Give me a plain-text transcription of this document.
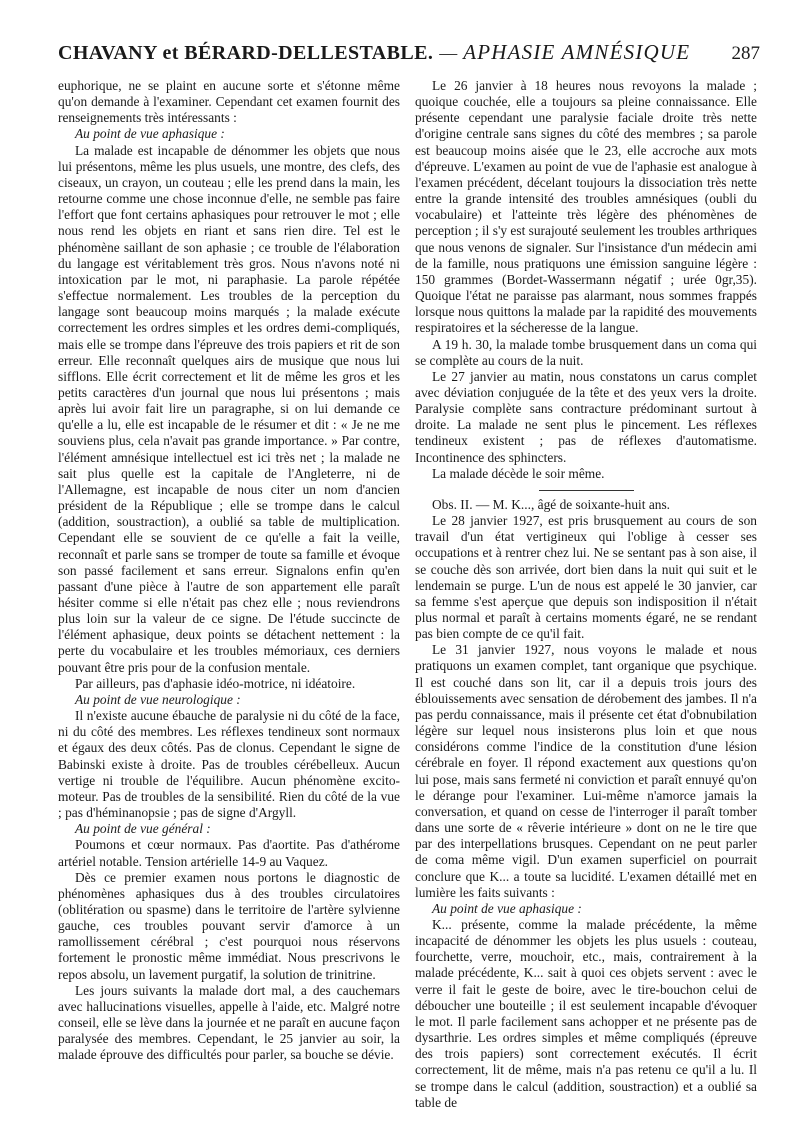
CHAVANY et BÉRARD-DELLESTABLE. — APHASIE AMNÉSIQUE 287

euphorique, ne se plaint en aucune sorte et s'étonne même qu'on demande à l'examiner. Cependant cet examen fournit des renseignements très intéressants :

Au point de vue aphasique :

La malade est incapable de dénommer les objets que nous lui présentons, même les plus usuels, une montre, des clefs, des ciseaux, un crayon, un couteau ; elle les prend dans la main, les retourne comme une chose inconnue d'elle, ne semble pas faire l'effort que font certains aphasiques pour retrouver le mot ; elle nous rend les objets en riant et sans rien dire. Tel est le phénomène saillant de son aphasie ; ce trouble de l'élaboration du langage est véritablement très gros. Nous n'avons noté ni intoxication par le mot, ni paraphasie. La parole répétée s'effectue normalement. Les troubles de la perception du langage sont beaucoup moins marqués ; la malade exécute correctement les ordres simples et les ordres demi-compliqués, mais elle se trompe dans l'épreuve des trois papiers et rit de son erreur. Elle reconnaît quelques airs de musique que nous lui sifflons. Elle écrit correctement et lit de même les gros et les petits caractères d'un journal que nous lui présentons ; mais après lui avoir fait lire un paragraphe, si on lui demande ce qu'elle a lu, elle est incapable de le résumer et dit : « Je ne me souviens plus, cela n'avait pas grande importance. » Par contre, l'élément amnésique intellectuel est ici très net ; la malade ne sait plus quelle est la capitale de l'Angleterre, ni de l'Allemagne, est incapable de nous citer un nom d'ancien président de la République ; elle se trompe dans le calcul (addition, soustraction), a oublié sa table de multiplication. Cependant elle se souvient de ce qu'elle a fait la veille, reconnaît et parle sans se tromper de toute sa famille et évoque son passé facilement et sans erreur. Signalons enfin qu'en passant d'une pièce à l'autre de son appartement elle paraît hésiter comme si elle n'était pas chez elle ; nous reviendrons plus loin sur la valeur de ce signe. De l'étude succincte de l'élément aphasique, deux points se détachent nettement : la perte du vocabulaire et les troubles mémoriaux, ces derniers pouvant être pris pour de la confusion mentale.

Par ailleurs, pas d'aphasie idéo-motrice, ni idéatoire.

Au point de vue neurologique :

Il n'existe aucune ébauche de paralysie ni du côté de la face, ni du côté des membres. Les réflexes tendineux sont normaux et égaux des deux côtés. Pas de clonus. Cependant le signe de Babinski existe à droite. Pas de troubles cérébelleux. Aucun vertige ni trouble de l'équilibre. Aucun phénomène excito-moteur. Pas de troubles de la sensibilité. Rien du côté de la vue ; pas d'héminanopsie ; pas de signe d'Argyll.

Au point de vue général :

Poumons et cœur normaux. Pas d'aortite. Pas d'athérome artériel notable. Tension artérielle 14-9 au Vaquez.

Dès ce premier examen nous portons le diagnostic de phénomènes aphasiques dus à des troubles circulatoires (oblitération ou spasme) dans le territoire de l'artère sylvienne gauche, ces troubles pouvant servir d'amorce à un ramollissement cérébral ; c'est pourquoi nous réservons fortement le pronostic même immédiat. Nous prescrivons le repos absolu, un lavement purgatif, la solution de trinitrine.

Les jours suivants la malade dort mal, a des cauchemars avec hallucinations visuelles, appelle à l'aide, etc. Malgré notre conseil, elle se lève dans la journée et ne paraît en aucune façon paralysée des membres. Cependant, le 25 janvier au soir, la malade éprouve des difficultés pour parler, sa bouche se dévie.

Le 26 janvier à 18 heures nous revoyons la malade ; quoique couchée, elle a toujours sa pleine connaissance. Elle présente cependant une paralysie faciale droite très nette d'origine centrale sans signes du côté des membres ; sa parole est beaucoup moins aisée que le 23, elle accroche aux mots d'épreuve. L'examen au point de vue de l'aphasie est analogue à l'examen précédent, décelant toujours la dissociation très nette entre la grande intensité des troubles amnésiques (oubli du vocabulaire) et l'atteinte très légère des phénomènes de perception ; il s'y est surajouté seulement les troubles arthriques que nous venons de signaler. Sur l'insistance d'un médecin ami de la famille, nous pratiquons une émission sanguine légère : 150 grammes (Bordet-Wassermann négatif ; urée 0gr,35). Quoique l'état ne paraisse pas alarmant, nous sommes frappés lorsque nous quittons la malade par la rapidité des mouvements respiratoires et la sécheresse de la langue.

A 19 h. 30, la malade tombe brusquement dans un coma qui se complète au cours de la nuit.

Le 27 janvier au matin, nous constatons un carus complet avec déviation conjuguée de la tête et des yeux vers la droite. Paralysie complète sans contracture prédominant surtout à droite. La malade ne sent plus le pincement. Les réflexes tendineux existent ; pas de réflexes d'automatisme. Incontinence des sphincters.

La malade décède le soir même.

Obs. II. — M. K..., âgé de soixante-huit ans.

Le 28 janvier 1927, est pris brusquement au cours de son travail d'un état vertigineux qui l'oblige à cesser ses occupations et à rentrer chez lui. Ne se sentant pas à son aise, il se couche dès son arrivée, dort bien dans la nuit qui suit et le lendemain se purge. L'un de nous est appelé le 30 janvier, car sa femme s'est aperçue que depuis son indisposition il n'était plus normal et paraît à certains moments égaré, ne se rendant pas bien compte de ce qu'il fait.

Le 31 janvier 1927, nous voyons le malade et nous pratiquons un examen complet, tant organique que psychique. Il est couché dans son lit, car il a depuis trois jours des éblouissements avec sensation de dérobement des jambes. Il n'a pas perdu connaissance, mais il présente cet état d'obnubilation légère sur lequel nous insisterons plus loin et que nous considérons comme l'indice de la constitution d'une lésion cérébrale en foyer. Il répond exactement aux questions qu'on lui pose, mais sans fermeté ni conviction et paraît ennuyé qu'on le dérange pour l'examiner. Lui-même n'amorce jamais la conversation, et quand on cesse de l'interroger il paraît tomber dans une sorte de « rêverie intérieure » dont on ne le tire que par des interpellations brusques. Cependant on ne peut parler de coma même vigil. D'un examen superficiel on pourrait conclure que K... a toute sa lucidité. L'examen détaillé met en lumière les faits suivants :

Au point de vue aphasique :

K... présente, comme la malade précédente, la même incapacité de dénommer les objets les plus usuels : couteau, fourchette, verre, mouchoir, etc., mais, contrairement à la malade précédente, K... sait à quoi ces objets servent : avec le verre il fait le geste de boire, avec le tire-bouchon celui de déboucher une bouteille ; il est seulement incapable d'évoquer le mot. Il parle facilement sans achopper et ne présente pas de dysarthrie. Les ordres simples et même compliqués (épreuve des trois papiers) sont correctement exécutés. Il écrit correctement, lit de même, mais n'a pas retenu ce qu'il a lu. Il se trompe dans le calcul (addition, soustraction) et a oublié sa table de
